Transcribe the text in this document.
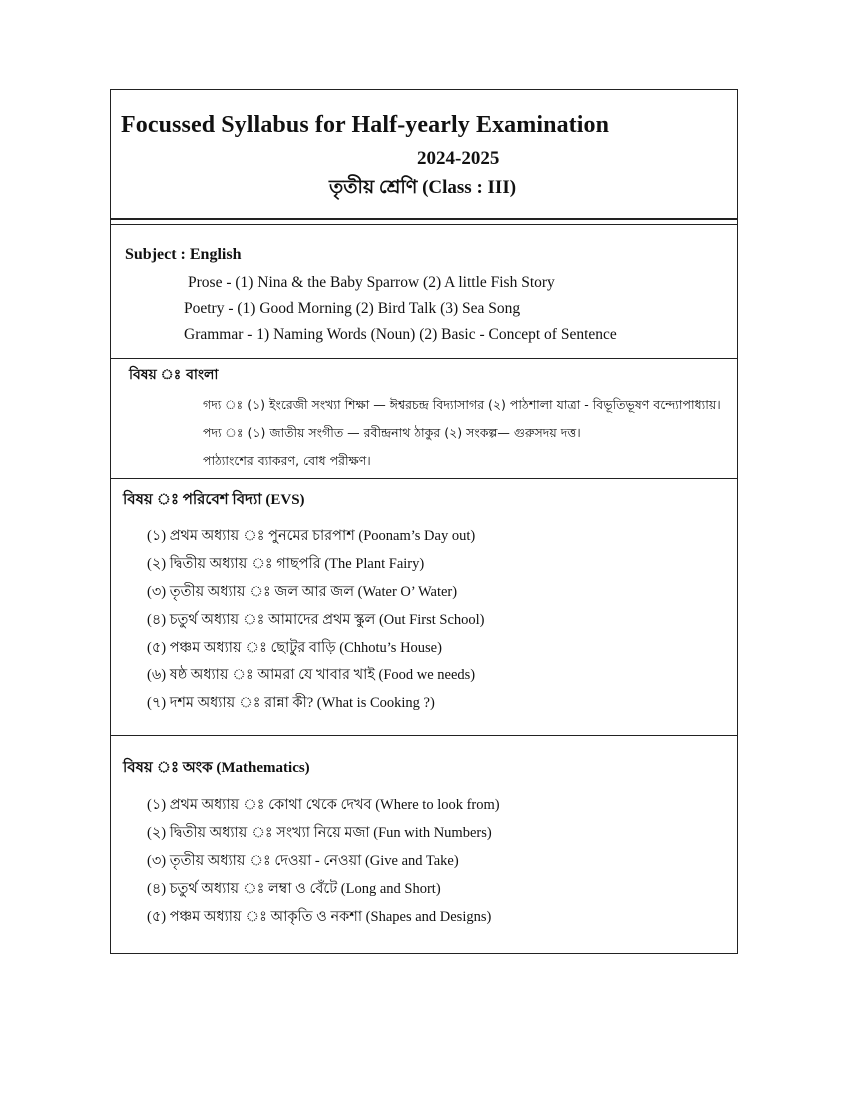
Focussed Syllabus for Half-yearly Examination
2024-2025
তৃতীয় শ্রেণি (Class : III)
Subject : English
Prose - (1) Nina & the Baby Sparrow (2) A little Fish Story
Poetry - (1) Good Morning (2) Bird Talk (3) Sea Song
Grammar - 1) Naming Words (Noun) (2) Basic - Concept of Sentence
বিষয় ঃ বাংলা
গদ্য ঃ (১) ইংরেজী সংখ্যা শিক্ষা — ঈশ্বরচন্দ্র বিদ্যাসাগর (২) পাঠশালা যাত্রা - বিভূতিভূষণ বন্দ্যোপাধ্যায়।
পদ্য ঃ (১) জাতীয় সংগীত — রবীন্দ্রনাথ ঠাকুর (২) সংকল্প— গুরুসদয় দত্ত।
পাঠ্যাংশের ব্যাকরণ, বোধ পরীক্ষণ।
বিষয় ঃ পরিবেশ বিদ্যা (EVS)
(১) প্রথম অধ্যায় ঃ পুনমের চারপাশ (Poonam’s Day out)
(২) দ্বিতীয় অধ্যায় ঃ গাছপরি (The Plant Fairy)
(৩) তৃতীয় অধ্যায় ঃ জল আর জল (Water O’ Water)
(৪) চতুর্থ অধ্যায় ঃ আমাদের প্রথম স্কুল (Out First School)
(৫) পঞ্চম অধ্যায় ঃ ছোটুর বাড়ি (Chhotu’s House)
(৬) ষষ্ঠ অধ্যায় ঃ আমরা যে খাবার খাই (Food we needs)
(৭) দশম অধ্যায় ঃ রান্না কী? (What is Cooking ?)
বিষয় ঃ অংক (Mathematics)
(১) প্রথম অধ্যায় ঃ কোথা থেকে দেখব (Where to look from)
(২) দ্বিতীয় অধ্যায় ঃ সংখ্যা নিয়ে মজা (Fun with Numbers)
(৩) তৃতীয় অধ্যায় ঃ দেওয়া - নেওয়া (Give and Take)
(৪) চতুর্থ অধ্যায় ঃ লম্বা ও বেঁটে (Long and Short)
(৫) পঞ্চম অধ্যায় ঃ আকৃতি ও নকশা (Shapes and Designs)
